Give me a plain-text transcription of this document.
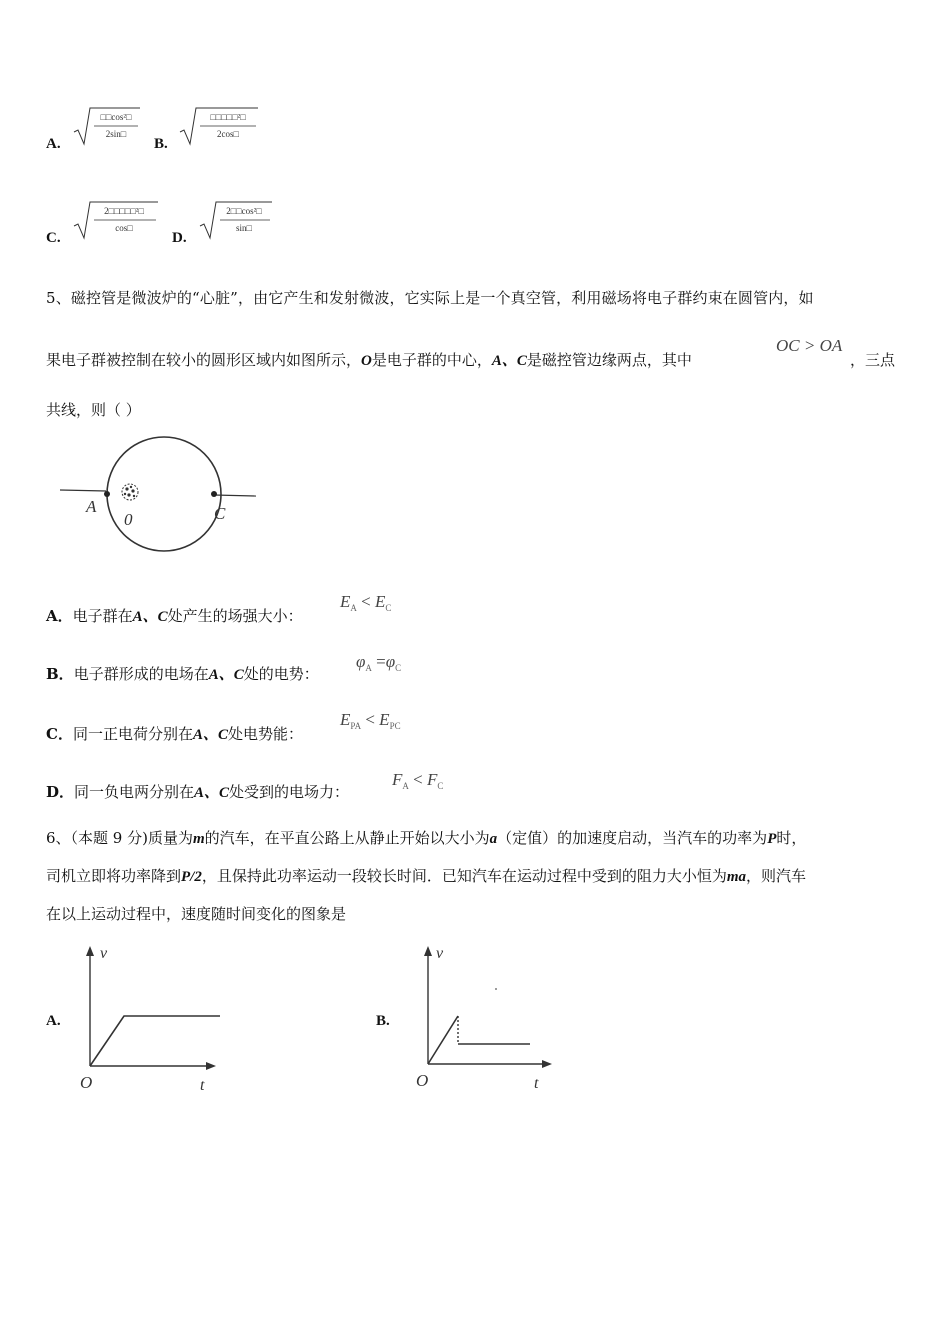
A.
□□cos²□
2sin□
B.
□□□□□²□
2cos□
C.
2□□□□□²□
cos□
D.
2□□cos²□
sin□
5、磁控管是微波炉的“心脏”，由它产生和发射微波，它实际上是一个真空管，利用磁场将电子群约束在圆管内，如
果电子群被控制在较小的圆形区域内如图所示，O是电子群的中心，A、C是磁控管边缘两点，其中
OC > OA
，三点
共线，则（ ）
A
0	C
A．电子群在A、C处产生的场强大小：
$E_A < E_C$
B．电子群形成的电场在A、C处的电势：
$\varphi_A =\varphi_C$
C．同一正电荷分别在A、C处电势能：
$E_{PA} < E_{PC}$
D．同一负电两分别在A、C处受到的电场力：
$F_A < F_C$
6、（本题 9 分)质量为m的汽车，在平直公路上从静止开始以大小为a（定值）的加速度启动，当汽车的功率为P时，
司机立即将功率降到P/2，且保持此功率运动一段较长时间．已知汽车在运动过程中受到的阻力大小恒为ma，则汽车
在以上运动过程中，速度随时间变化的图象是
A.
v
t
O
B.
v
t
O
